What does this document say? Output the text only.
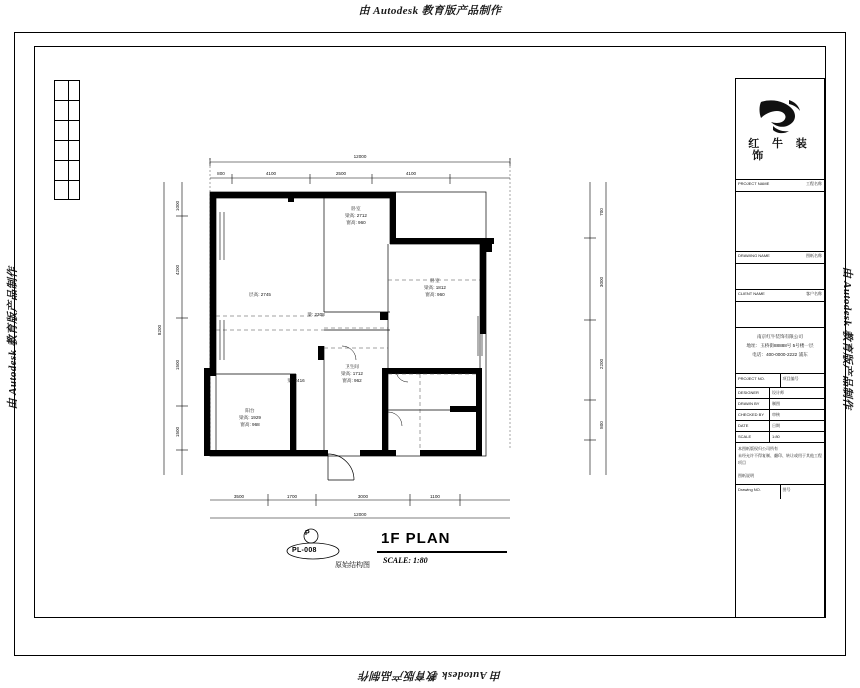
由 Autodesk 教育版产品制作
由 Autodesk 教育版产品制作
由 Autodesk 教育版产品制作	由 Autodesk 教育版产品制作
12000
800	4100	2500	4100
12000
3500	1700	3000	1100
8200
1000
4200
1500
1500
700
3000
2200
800
卧室
梁高: 2712
窗高: 960
卧室
梁高: 1812
窗高: 960
层高: 2745
梁: 2308
梁: 2416
卫生间
梁高: 1712
窗高: 962
阳台
梁高: 1929
窗高: 968
P
PL-008
1F PLAN
SCALE: 1:80
原始结构图
红 牛 装
饰
PROJECT NAME	工程名称
DRAWING NAME	图纸名称
CLIENT NAME	客户名称
南京红牛装饰有限公司
地址：玉桥街88888号 5号楼一层
电话：400-0000-2222 浦东
PROJECT NO.	项目编号
DESIGNER	设计师
DRAWN BY	制图
CHECKED BY	审核
DATE	日期
SCALE	1:80
本图纸版权归公司所有
未经允许不得复制、翻印、转让或用于其他工程项目
图纸说明
Drawing NO.	图号
